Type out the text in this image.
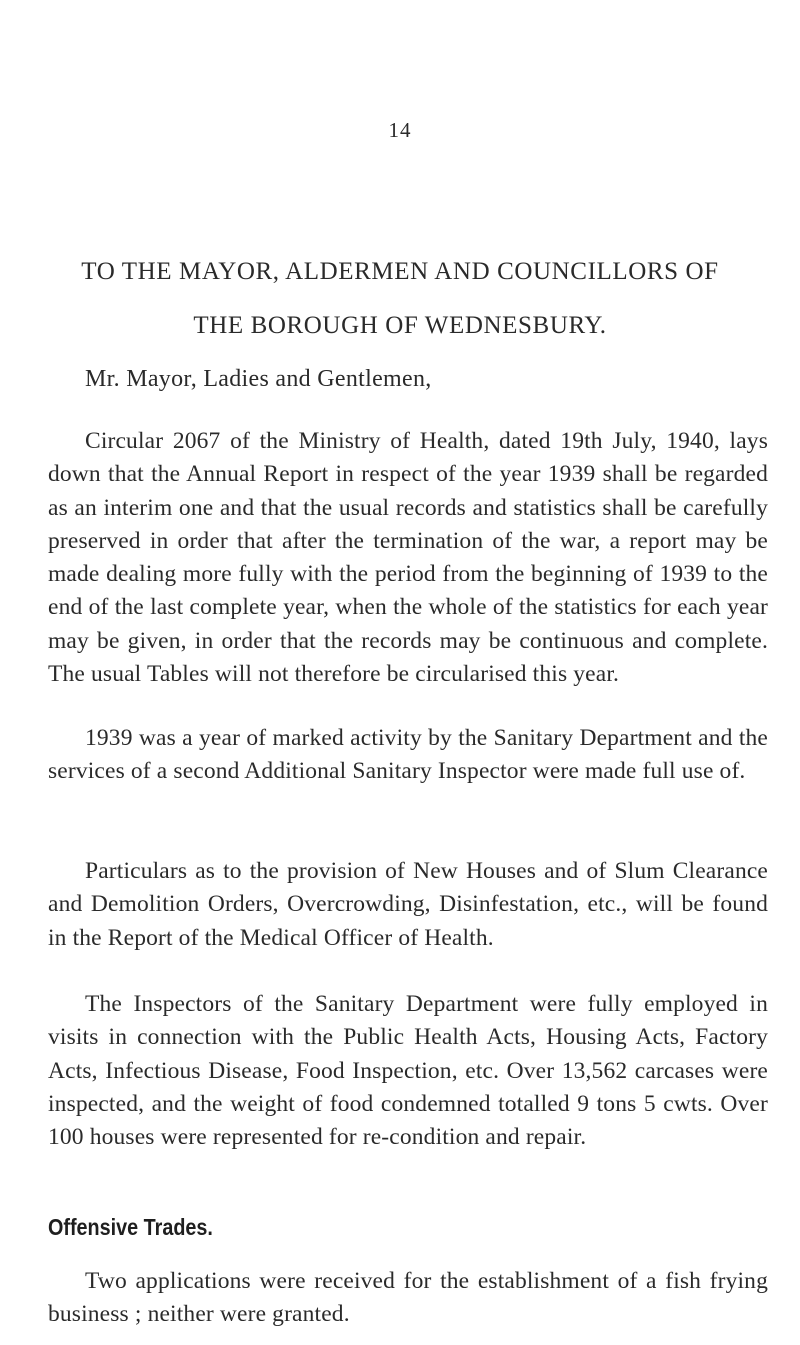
14
TO THE MAYOR, ALDERMEN AND COUNCILLORS OF
THE BOROUGH OF WEDNESBURY.
Mr. Mayor, Ladies and Gentlemen,

Circular 2067 of the Ministry of Health, dated 19th July, 1940, lays down that the Annual Report in respect of the year 1939 shall be regarded as an interim one and that the usual records and statistics shall be carefully preserved in order that after the termination of the war, a report may be made dealing more fully with the period from the beginning of 1939 to the end of the last complete year, when the whole of the statistics for each year may be given, in order that the records may be continuous and complete. The usual Tables will not therefore be circularised this year.

1939 was a year of marked activity by the Sanitary Department and the services of a second Additional Sanitary Inspector were made full use of.

Particulars as to the provision of New Houses and of Slum Clearance and Demolition Orders, Overcrowding, Disinfestation, etc., will be found in the Report of the Medical Officer of Health.

The Inspectors of the Sanitary Department were fully employed in visits in connection with the Public Health Acts, Housing Acts, Factory Acts, Infectious Disease, Food Inspection, etc. Over 13,562 carcases were inspected, and the weight of food condemned totalled 9 tons 5 cwts. Over 100 houses were represented for re-condition and repair.

Offensive Trades.

Two applications were received for the establishment of a fish frying business ; neither were granted.
